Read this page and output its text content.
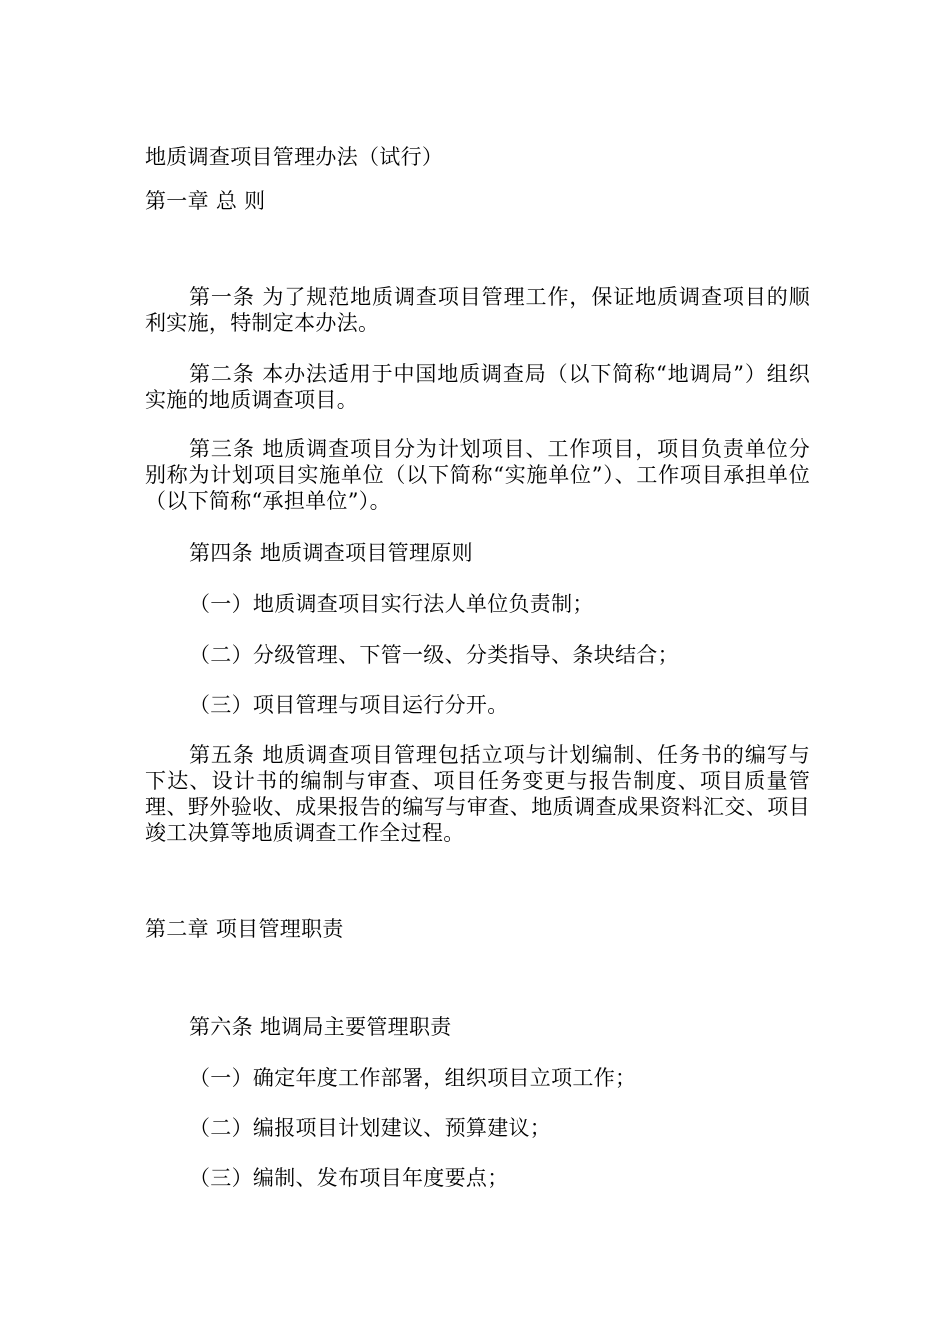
地质调查项目管理办法（试行）

第一章 总 则

第一条 为了规范地质调查项目管理工作，保证地质调查项目的顺利实施，特制定本办法。

第二条 本办法适用于中国地质调查局（以下简称“地调局”）组织实施的地质调查项目。

第三条 地质调查项目分为计划项目、工作项目，项目负责单位分别称为计划项目实施单位（以下简称“实施单位”）、工作项目承担单位（以下简称“承担单位”）。

第四条 地质调查项目管理原则

（一）地质调查项目实行法人单位负责制；

（二）分级管理、下管一级、分类指导、条块结合；

（三）项目管理与项目运行分开。

第五条 地质调查项目管理包括立项与计划编制、任务书的编写与下达、设计书的编制与审查、项目任务变更与报告制度、项目质量管理、野外验收、成果报告的编写与审查、地质调查成果资料汇交、项目竣工决算等地质调查工作全过程。

第二章 项目管理职责

第六条 地调局主要管理职责

（一）确定年度工作部署，组织项目立项工作；

（二）编报项目计划建议、预算建议；

（三）编制、发布项目年度要点；
